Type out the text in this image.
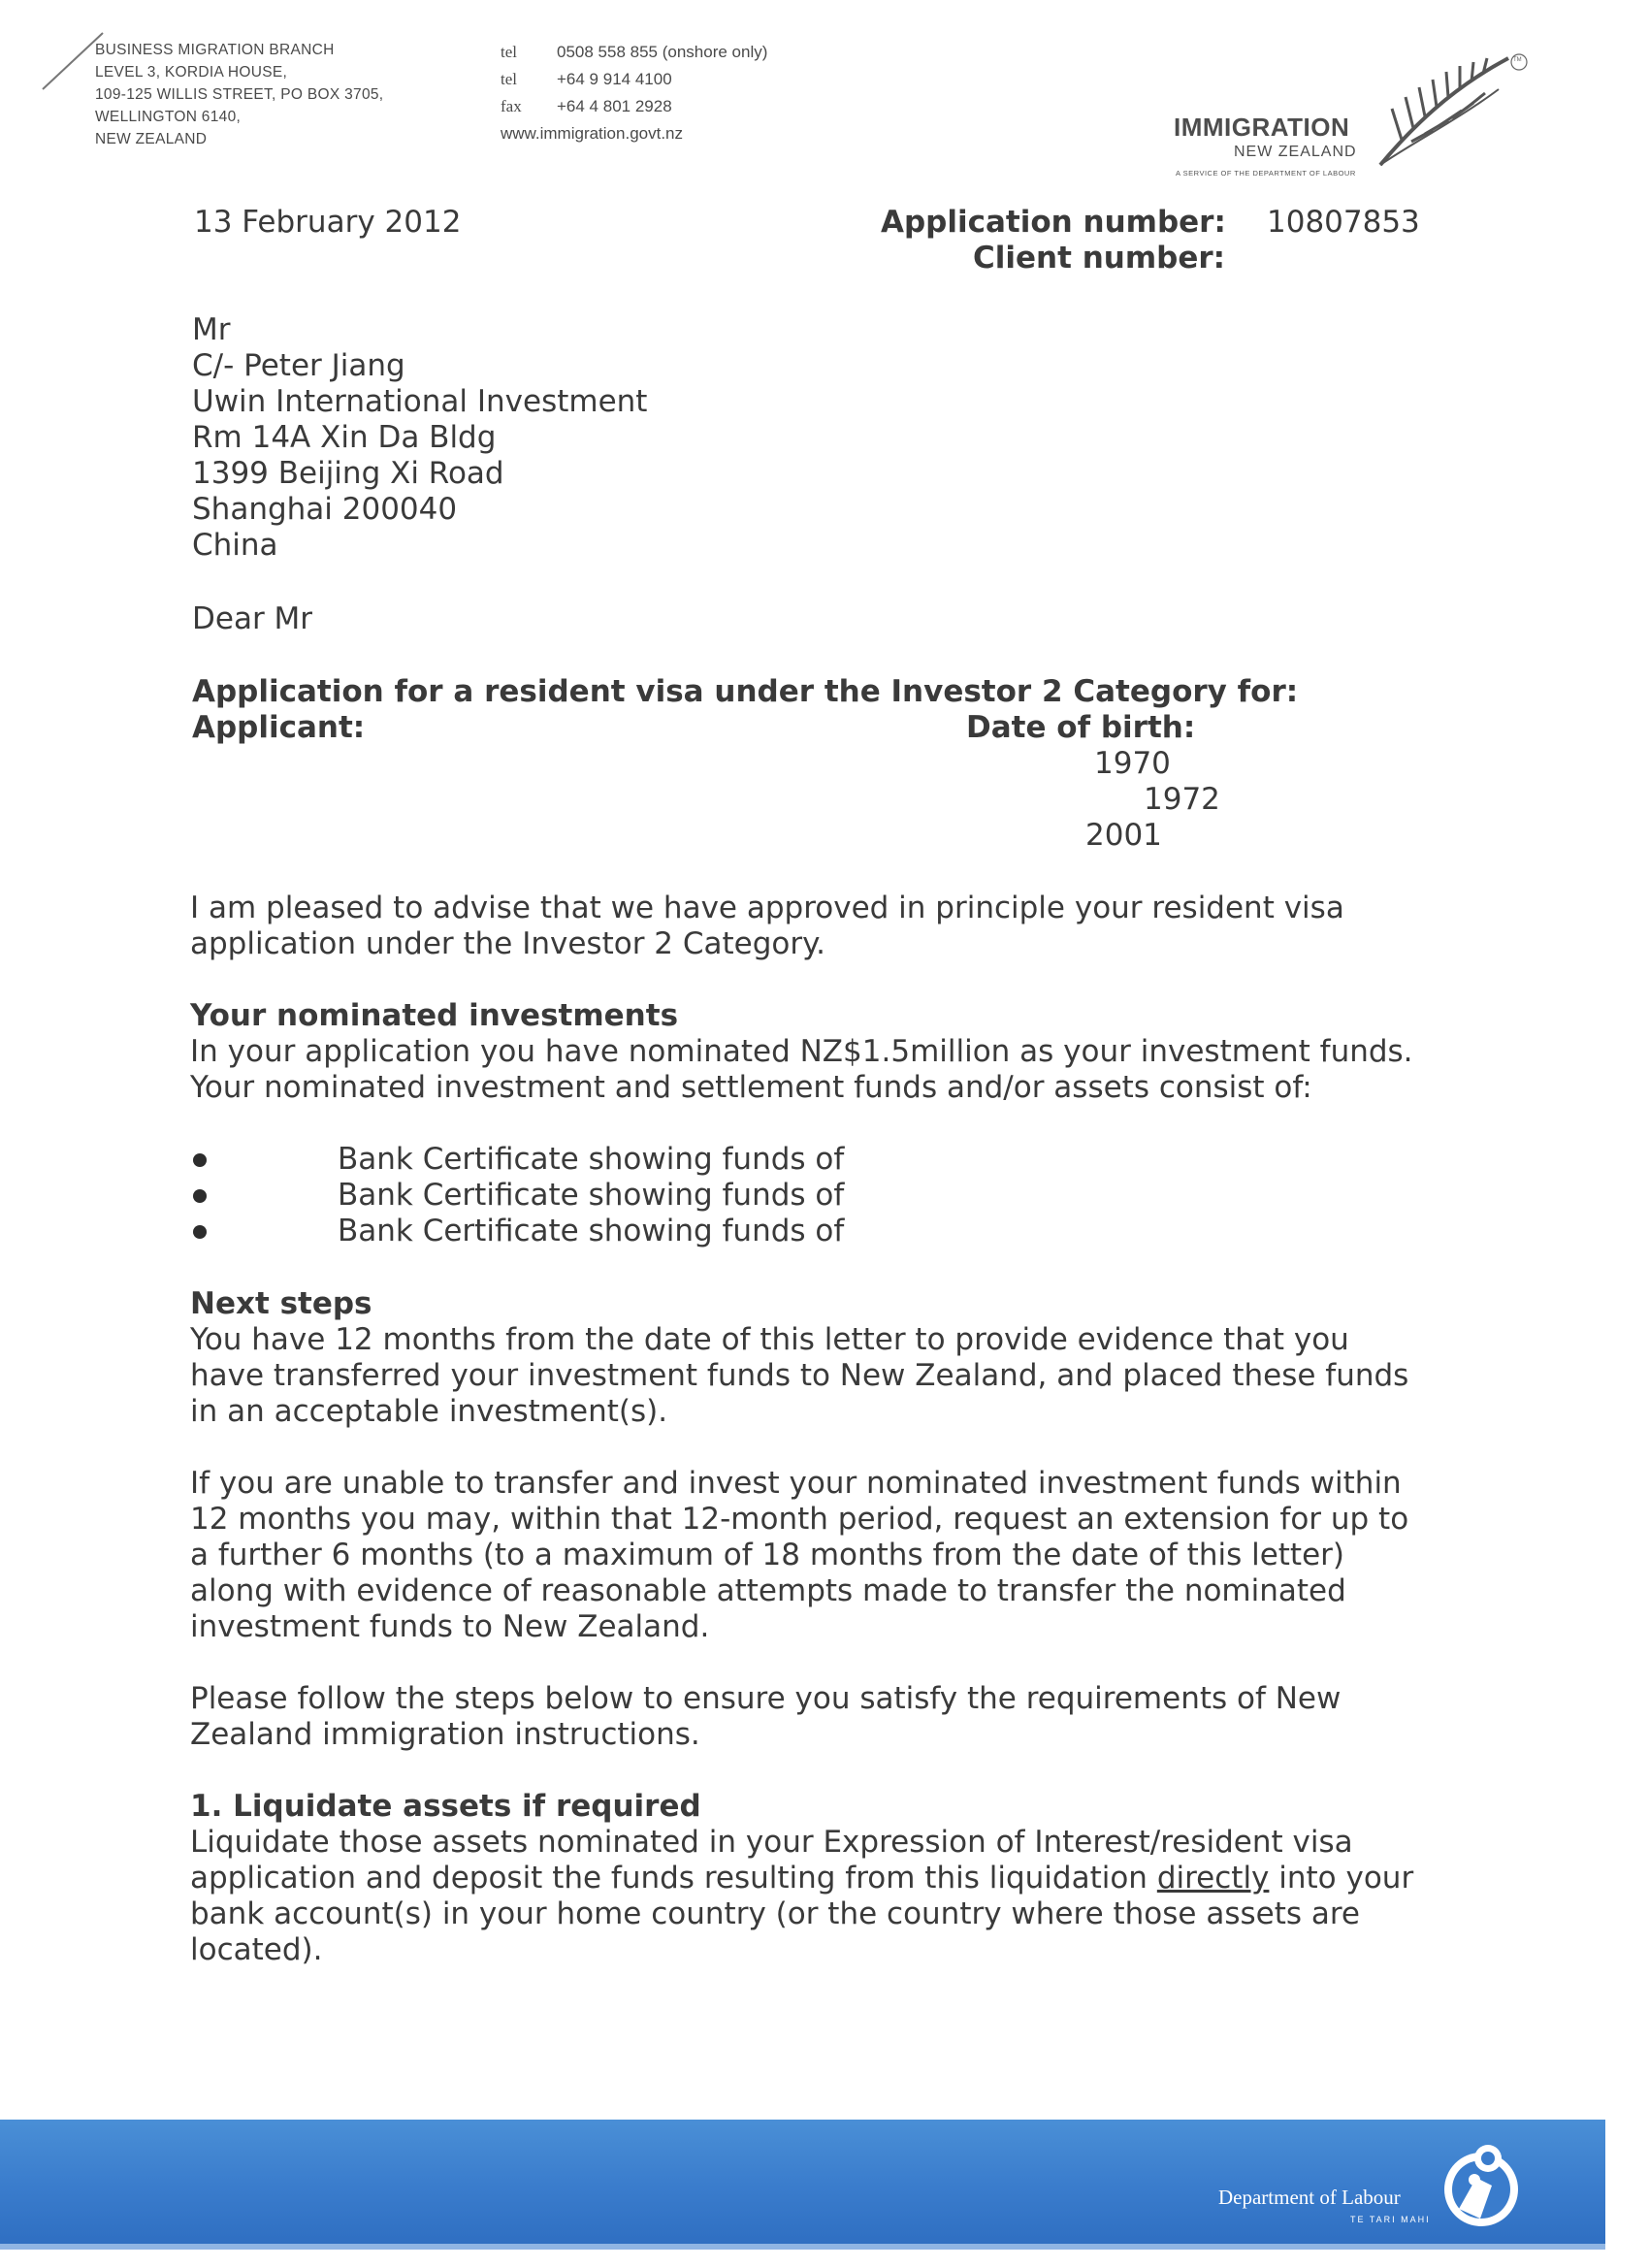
BUSINESS MIGRATION BRANCH
LEVEL 3, KORDIA HOUSE,
109-125 WILLIS STREET, PO BOX 3705,
WELLINGTON 6140,
NEW ZEALAND
tel 0508 558 855 (onshore only)
tel +64 9 914 4100
fax +64 4 801 2928
www.immigration.govt.nz	IMMIGRATION
NEW ZEALAND
A SERVICE OF THE DEPARTMENT OF LABOUR
TM
13 February 2012	Application number: 10807853
Client number:
Mr
C/- Peter Jiang
Uwin International Investment
Rm 14A Xin Da Bldg
1399 Beijing Xi Road
Shanghai 200040
China
Dear Mr
Application for a resident visa under the Investor 2 Category for:
Applicant:	Date of birth:
1970
1972
2001
I am pleased to advise that we have approved in principle your resident visa
application under the Investor 2 Category.
Your nominated investments
In your application you have nominated NZ$1.5million as your investment funds.
Your nominated investment and settlement funds and/or assets consist of:
Bank Certificate showing funds of
Bank Certificate showing funds of
Bank Certificate showing funds of
Next steps
You have 12 months from the date of this letter to provide evidence that you
have transferred your investment funds to New Zealand, and placed these funds
in an acceptable investment(s).
If you are unable to transfer and invest your nominated investment funds within
12 months you may, within that 12-month period, request an extension for up to
a further 6 months (to a maximum of 18 months from the date of this letter)
along with evidence of reasonable attempts made to transfer the nominated
investment funds to New Zealand.
Please follow the steps below to ensure you satisfy the requirements of New
Zealand immigration instructions.
1. Liquidate assets if required
Liquidate those assets nominated in your Expression of Interest/resident visa
application and deposit the funds resulting from this liquidation directly into your
bank account(s) in your home country (or the country where those assets are
located).
Department of Labour
TE TARI MAHI
